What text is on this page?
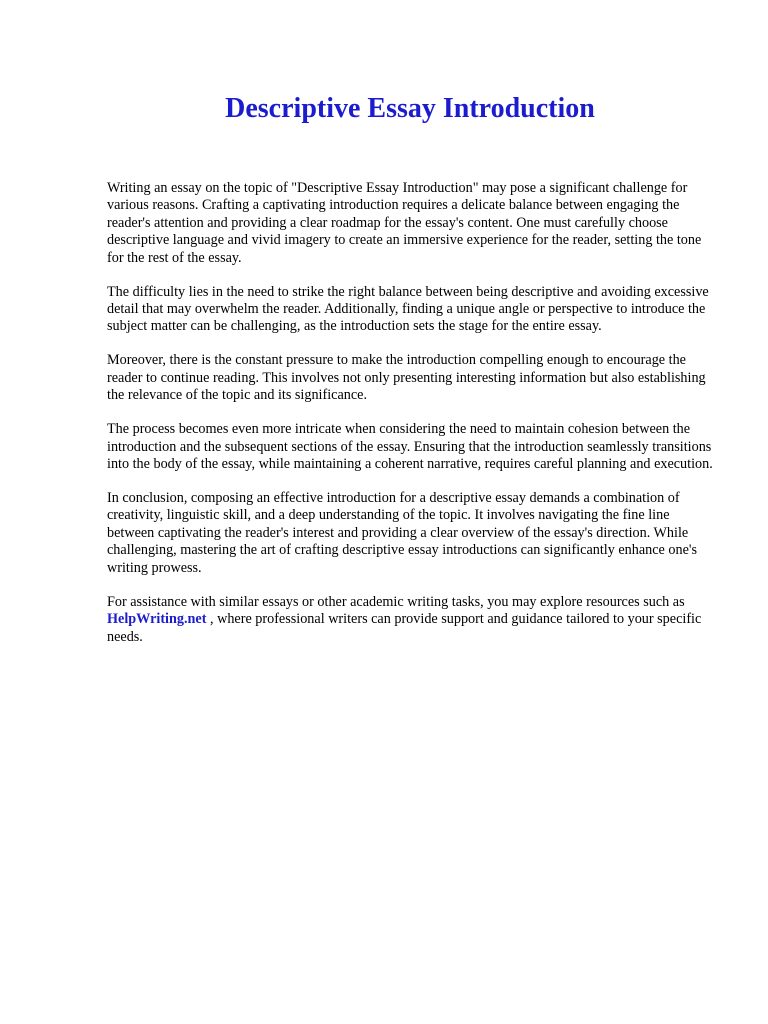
Descriptive Essay Introduction

Writing an essay on the topic of "Descriptive Essay Introduction" may pose a significant challenge for various reasons. Crafting a captivating introduction requires a delicate balance between engaging the reader's attention and providing a clear roadmap for the essay's content. One must carefully choose descriptive language and vivid imagery to create an immersive experience for the reader, setting the tone for the rest of the essay.

The difficulty lies in the need to strike the right balance between being descriptive and avoiding excessive detail that may overwhelm the reader. Additionally, finding a unique angle or perspective to introduce the subject matter can be challenging, as the introduction sets the stage for the entire essay.

Moreover, there is the constant pressure to make the introduction compelling enough to encourage the reader to continue reading. This involves not only presenting interesting information but also establishing the relevance of the topic and its significance.

The process becomes even more intricate when considering the need to maintain cohesion between the introduction and the subsequent sections of the essay. Ensuring that the introduction seamlessly transitions into the body of the essay, while maintaining a coherent narrative, requires careful planning and execution.

In conclusion, composing an effective introduction for a descriptive essay demands a combination of creativity, linguistic skill, and a deep understanding of the topic. It involves navigating the fine line between captivating the reader's interest and providing a clear overview of the essay's direction. While challenging, mastering the art of crafting descriptive essay introductions can significantly enhance one's writing prowess.

For assistance with similar essays or other academic writing tasks, you may explore resources such as HelpWriting.net , where professional writers can provide support and guidance tailored to your specific needs.
